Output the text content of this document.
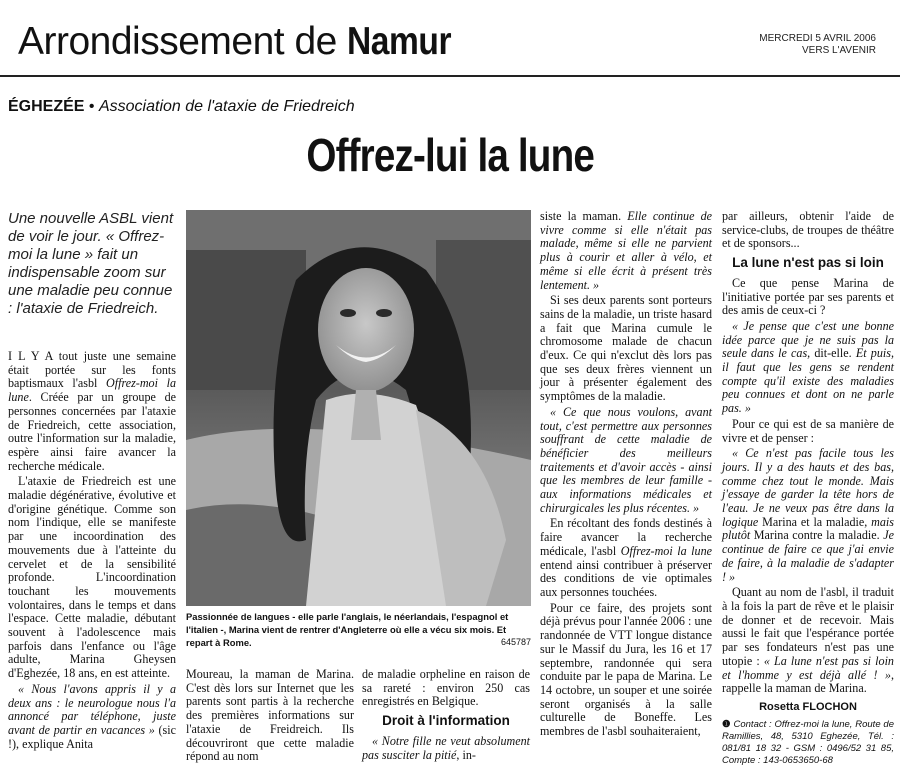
Arrondissement de Namur	MERCREDI 5 AVRIL 2006
VERS L'AVENIR
ÉGHEZÉE • Association de l'ataxie de Friedreich
Offrez-lui la lune
Une nouvelle ASBL vient de voir le jour. « Offrez-moi la lune » fait un indispensable zoom sur une maladie peu connue : l'ataxie de Friedreich.

I L Y A tout juste une semaine était portée sur les fonts baptismaux l'asbl Offrez-moi la lune. Créée par un groupe de personnes concernées par l'ataxie de Friedreich, cette association, outre l'information sur la maladie, espère ainsi faire avancer la recherche médicale.

L'ataxie de Friedreich est une maladie dégénérative, évolutive et d'origine génétique. Comme son nom l'indique, elle se manifeste par une incoordination des mouvements due à l'atteinte du cervelet et de la sensibilité profonde. L'incoordination touchant les mouvements volontaires, dans le temps et dans l'espace. Cette maladie, débutant souvent à l'adolescence mais parfois dans l'enfance ou l'âge adulte, Marina Gheysen d'Eghezée, 18 ans, en est atteinte.

« Nous l'avons appris il y a deux ans : le neurologue nous l'a annoncé par téléphone, juste avant de partir en vacances » (sic !), explique Anita

Passionnée de langues - elle parle l'anglais, le néerlandais, l'espagnol et l'italien -, Marina vient de rentrer d'Angleterre où elle a vécu six mois. Et repart à Rome.	645787

Moureau, la maman de Marina. C'est dès lors sur Internet que les parents sont partis à la recherche des premières informations sur l'ataxie de Freidreich. Ils découvriront que cette maladie répond au nom

de maladie orpheline en raison de sa rareté : environ 250 cas enregistrés en Belgique.

Droit à l'information

« Notre fille ne veut absolument pas susciter la pitié, in-

siste la maman. Elle continue de vivre comme si elle n'était pas malade, même si elle ne parvient plus à courir et aller à vélo, et même si elle écrit à présent très lentement. »

Si ses deux parents sont porteurs sains de la maladie, un triste hasard a fait que Marina cumule le chromosome malade de chacun d'eux. Ce qui n'exclut dès lors pas que ses deux frères viennent un jour à présenter également des symptômes de la maladie.

« Ce que nous voulons, avant tout, c'est permettre aux personnes souffrant de cette maladie de bénéficier des meilleurs traitements et d'avoir accès - ainsi que les membres de leur famille - aux informations médicales et chirurgicales les plus récentes. »

En récoltant des fonds destinés à faire avancer la recherche médicale, l'asbl Offrez-moi la lune entend ainsi contribuer à préserver des conditions de vie optimales aux personnes touchées.

Pour ce faire, des projets sont déjà prévus pour l'année 2006 : une randonnée de VTT longue distance sur le Massif du Jura, les 16 et 17 septembre, randonnée qui sera conduite par le papa de Marina. Le 14 octobre, un souper et une soirée seront organisés à la salle culturelle de Boneffe. Les membres de l'asbl souhaiteraient,

par ailleurs, obtenir l'aide de service-clubs, de troupes de théâtre et de sponsors...

La lune n'est pas si loin

Ce que pense Marina de l'initiative portée par ses parents et des amis de ceux-ci ?

« Je pense que c'est une bonne idée parce que je ne suis pas la seule dans le cas, dit-elle. Et puis, il faut que les gens se rendent compte qu'il existe des maladies peu connues et dont on ne parle pas. »

Pour ce qui est de sa manière de vivre et de penser :

« Ce n'est pas facile tous les jours. Il y a des hauts et des bas, comme chez tout le monde. Mais j'essaye de garder la tête hors de l'eau. Je ne veux pas être dans la logique Marina et la maladie, mais plutôt Marina contre la maladie. Je continue de faire ce que j'ai envie de faire, à la maladie de s'adapter ! »

Quant au nom de l'asbl, il traduit à la fois la part de rêve et le plaisir de donner et de recevoir. Mais aussi le fait que l'espérance portée par ses fondateurs n'est pas une utopie : « La lune n'est pas si loin et l'homme y est déjà allé ! », rappelle la maman de Marina.

Rosetta FLOCHON
❶ Contact : Offrez-moi la lune, Route de Ramillies, 48, 5310 Eghezée, Tél. : 081/81 18 32 - GSM : 0496/52 31 85, Compte : 143-0653650-68
